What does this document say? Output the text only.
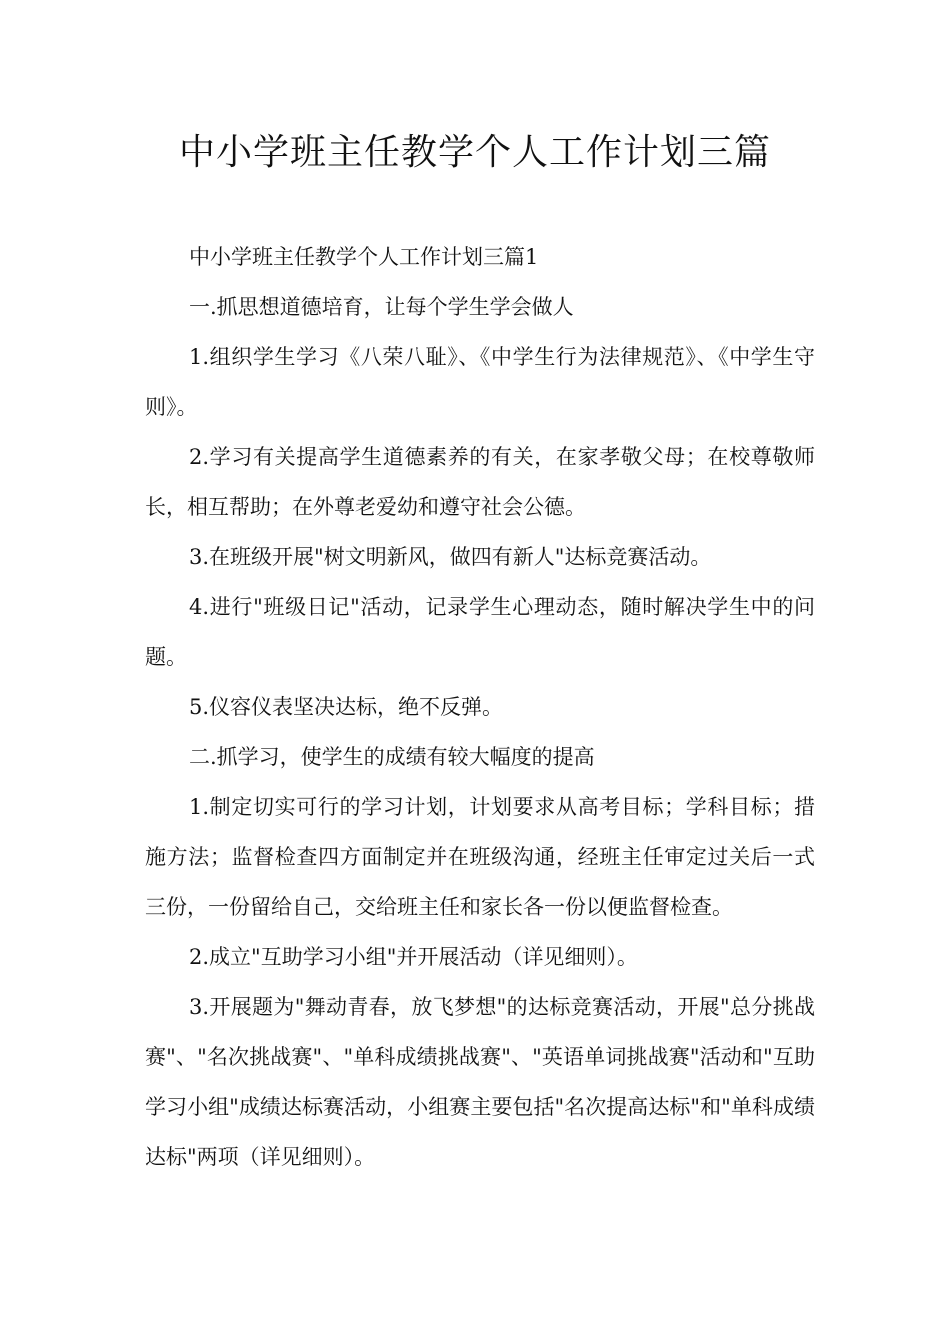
中小学班主任教学个人工作计划三篇

中小学班主任教学个人工作计划三篇1

一.抓思想道德培育，让每个学生学会做人

1.组织学生学习《八荣八耻》、《中学生行为法律规范》、《中学生守则》。

2.学习有关提高学生道德素养的有关，在家孝敬父母；在校尊敬师长，相互帮助；在外尊老爱幼和遵守社会公德。

3.在班级开展"树文明新风，做四有新人"达标竞赛活动。

4.进行"班级日记"活动，记录学生心理动态，随时解决学生中的问题。

5.仪容仪表坚决达标，绝不反弹。

二.抓学习，使学生的成绩有较大幅度的提高

1.制定切实可行的学习计划，计划要求从高考目标；学科目标；措施方法；监督检查四方面制定并在班级沟通，经班主任审定过关后一式三份，一份留给自己，交给班主任和家长各一份以便监督检查。

2.成立"互助学习小组"并开展活动（详见细则）。

3.开展题为"舞动青春，放飞梦想"的达标竞赛活动，开展"总分挑战赛"、"名次挑战赛"、"单科成绩挑战赛"、"英语单词挑战赛"活动和"互助学习小组"成绩达标赛活动，小组赛主要包括"名次提高达标"和"单科成绩达标"两项（详见细则）。
